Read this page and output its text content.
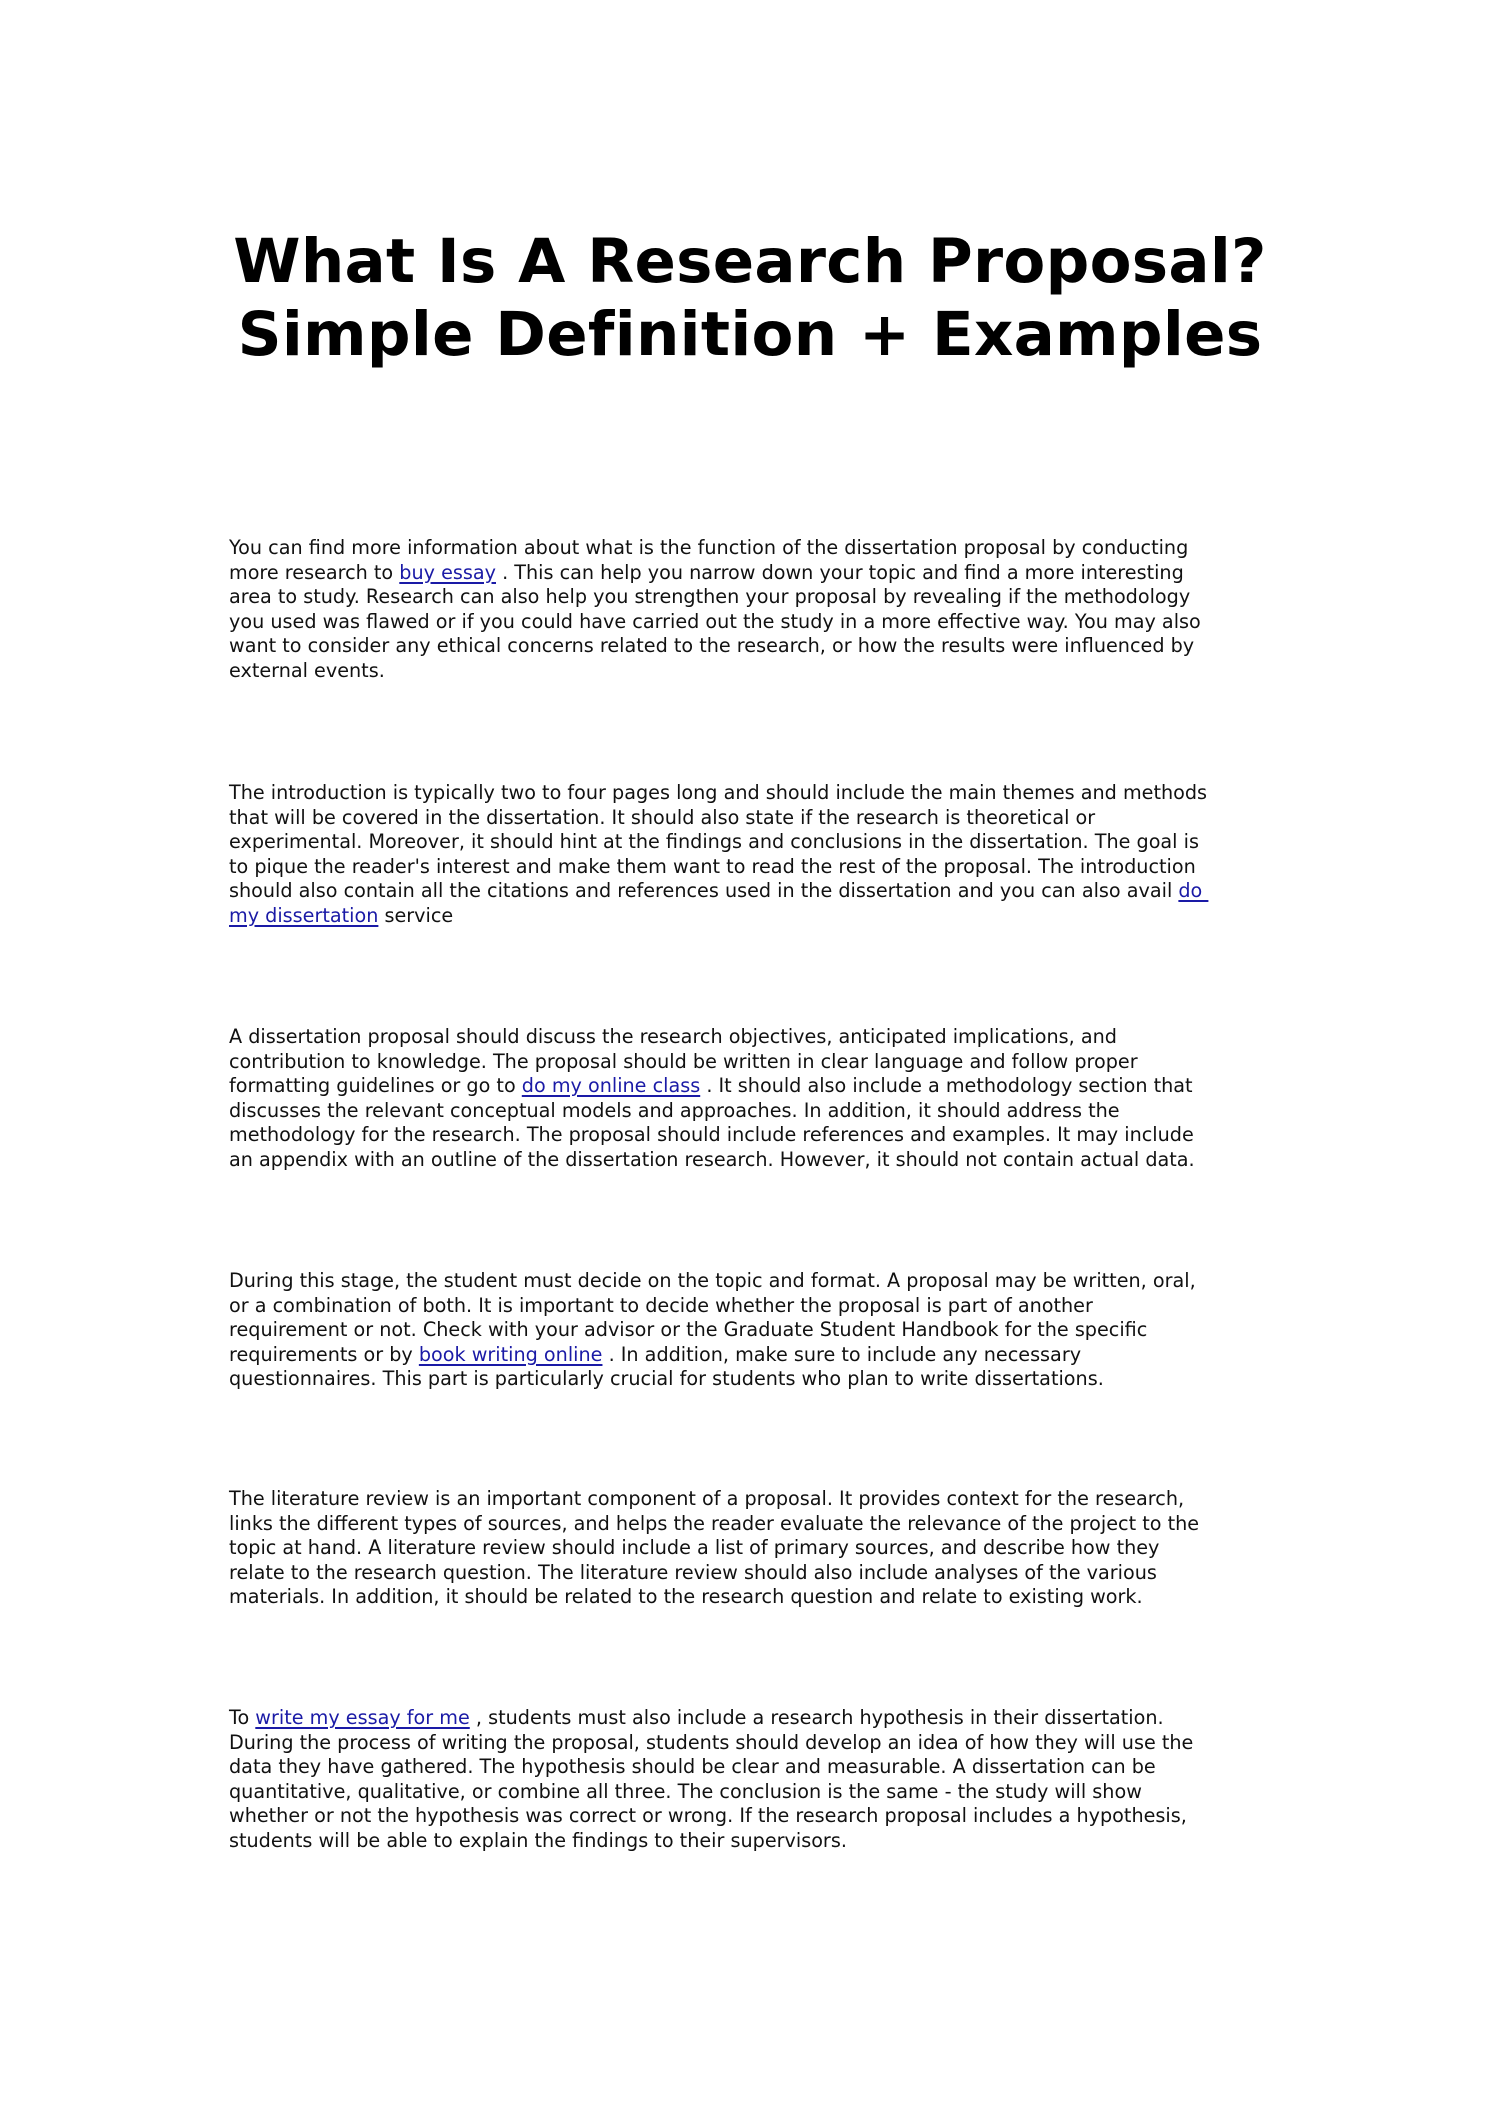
What Is A Research Proposal?
Simple Definition + Examples
You can find more information about what is the function of the dissertation proposal by conducting
more research to buy essay . This can help you narrow down your topic and find a more interesting
area to study. Research can also help you strengthen your proposal by revealing if the methodology
you used was flawed or if you could have carried out the study in a more effective way. You may also
want to consider any ethical concerns related to the research, or how the results were influenced by
external events.
The introduction is typically two to four pages long and should include the main themes and methods
that will be covered in the dissertation. It should also state if the research is theoretical or
experimental. Moreover, it should hint at the findings and conclusions in the dissertation. The goal is
to pique the reader's interest and make them want to read the rest of the proposal. The introduction
should also contain all the citations and references used in the dissertation and you can also avail do
my dissertation service
A dissertation proposal should discuss the research objectives, anticipated implications, and
contribution to knowledge. The proposal should be written in clear language and follow proper
formatting guidelines or go to do my online class . It should also include a methodology section that
discusses the relevant conceptual models and approaches. In addition, it should address the
methodology for the research. The proposal should include references and examples. It may include
an appendix with an outline of the dissertation research. However, it should not contain actual data.
During this stage, the student must decide on the topic and format. A proposal may be written, oral,
or a combination of both. It is important to decide whether the proposal is part of another
requirement or not. Check with your advisor or the Graduate Student Handbook for the specific
requirements or by book writing online . In addition, make sure to include any necessary
questionnaires. This part is particularly crucial for students who plan to write dissertations.
The literature review is an important component of a proposal. It provides context for the research,
links the different types of sources, and helps the reader evaluate the relevance of the project to the
topic at hand. A literature review should include a list of primary sources, and describe how they
relate to the research question. The literature review should also include analyses of the various
materials. In addition, it should be related to the research question and relate to existing work.
To write my essay for me , students must also include a research hypothesis in their dissertation.
During the process of writing the proposal, students should develop an idea of how they will use the
data they have gathered. The hypothesis should be clear and measurable. A dissertation can be
quantitative, qualitative, or combine all three. The conclusion is the same - the study will show
whether or not the hypothesis was correct or wrong. If the research proposal includes a hypothesis,
students will be able to explain the findings to their supervisors.
